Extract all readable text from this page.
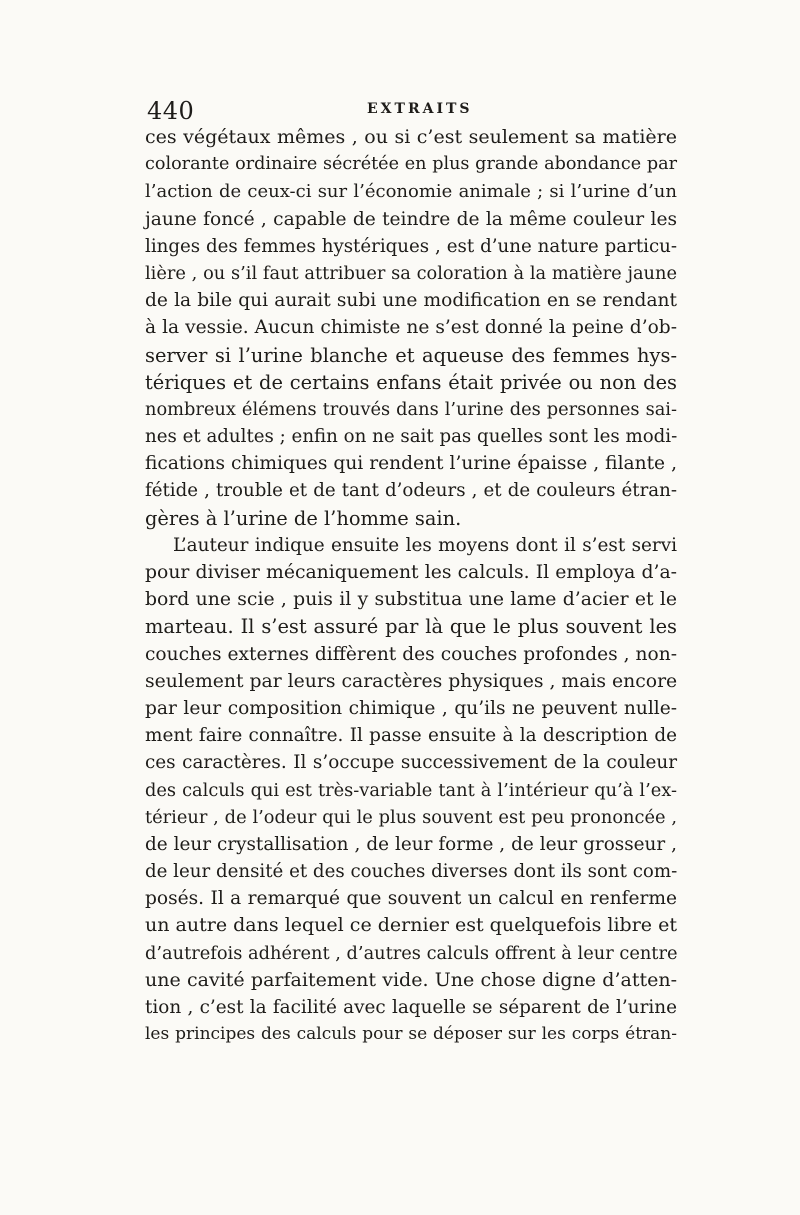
440	EXTRAITS
ces végétaux mêmes , ou si c’est seulement sa matière
colorante ordinaire sécrétée en plus grande abondance par
l’action de ceux-ci sur l’économie animale ; si l’urine d’un
jaune foncé , capable de teindre de la même couleur les
linges des femmes hystériques , est d’une nature particu-
lière , ou s’il faut attribuer sa coloration à la matière jaune
de la bile qui aurait subi une modification en se rendant
à la vessie. Aucun chimiste ne s’est donné la peine d’ob-
server si l’urine blanche et aqueuse des femmes hys-
tériques et de certains enfans était privée ou non des
nombreux élémens trouvés dans l’urine des personnes sai-
nes et adultes ; enfin on ne sait pas quelles sont les modi-
fications chimiques qui rendent l’urine épaisse , filante ,
fétide , trouble et de tant d’odeurs , et de couleurs étran-
gères à l’urine de l’homme sain.
L’auteur indique ensuite les moyens dont il s’est servi
pour diviser mécaniquement les calculs. Il employa d’a-
bord une scie , puis il y substitua une lame d’acier et le
marteau. Il s’est assuré par là que le plus souvent les
couches externes diffèrent des couches profondes , non-
seulement par leurs caractères physiques , mais encore
par leur composition chimique , qu’ils ne peuvent nulle-
ment faire connaître. Il passe ensuite à la description de
ces caractères. Il s’occupe successivement de la couleur
des calculs qui est très-variable tant à l’intérieur qu’à l’ex-
térieur , de l’odeur qui le plus souvent est peu prononcée ,
de leur crystallisation , de leur forme , de leur grosseur ,
de leur densité et des couches diverses dont ils sont com-
posés. Il a remarqué que souvent un calcul en renferme
un autre dans lequel ce dernier est quelquefois libre et
d’autrefois adhérent , d’autres calculs offrent à leur centre
une cavité parfaitement vide. Une chose digne d’atten-
tion , c’est la facilité avec laquelle se séparent de l’urine
les principes des calculs pour se déposer sur les corps étran-
